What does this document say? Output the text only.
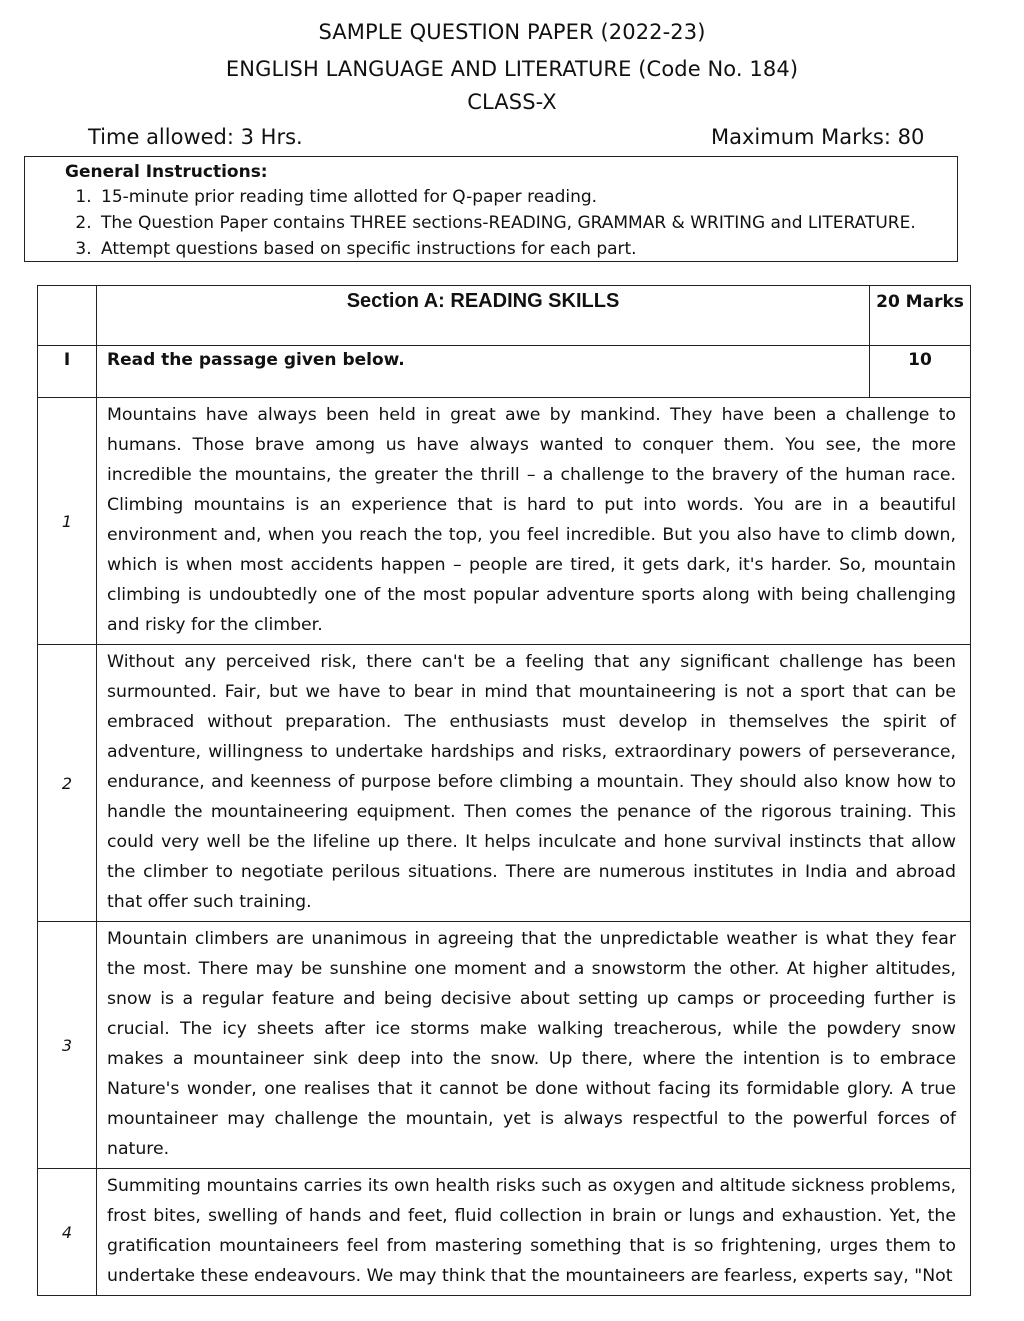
SAMPLE QUESTION PAPER (2022-23)
ENGLISH LANGUAGE AND LITERATURE (Code No. 184)
CLASS-X
Time allowed: 3 Hrs.	Maximum Marks: 80
General Instructions:
1. 15-minute prior reading time allotted for Q-paper reading.
2. The Question Paper contains THREE sections-READING, GRAMMAR & WRITING and LITERATURE.
3. Attempt questions based on specific instructions for each part.
	Section A: READING SKILLS	20 Marks
I	Read the passage given below.	10
1	Mountains have always been held in great awe by mankind. They have been a challenge to humans. Those brave among us have always wanted to conquer them. You see, the more incredible the mountains, the greater the thrill – a challenge to the bravery of the human race. Climbing mountains is an experience that is hard to put into words. You are in a beautiful environment and, when you reach the top, you feel incredible. But you also have to climb down, which is when most accidents happen – people are tired, it gets dark, it's harder. So, mountain climbing is undoubtedly one of the most popular adventure sports along with being challenging and risky for the climber.	
2	Without any perceived risk, there can't be a feeling that any significant challenge has been surmounted. Fair, but we have to bear in mind that mountaineering is not a sport that can be embraced without preparation. The enthusiasts must develop in themselves the spirit of adventure, willingness to undertake hardships and risks, extraordinary powers of perseverance, endurance, and keenness of purpose before climbing a mountain. They should also know how to handle the mountaineering equipment. Then comes the penance of the rigorous training. This could very well be the lifeline up there. It helps inculcate and hone survival instincts that allow the climber to negotiate perilous situations. There are numerous institutes in India and abroad that offer such training.	
3	Mountain climbers are unanimous in agreeing that the unpredictable weather is what they fear the most. There may be sunshine one moment and a snowstorm the other. At higher altitudes, snow is a regular feature and being decisive about setting up camps or proceeding further is crucial. The icy sheets after ice storms make walking treacherous, while the powdery snow makes a mountaineer sink deep into the snow. Up there, where the intention is to embrace Nature's wonder, one realises that it cannot be done without facing its formidable glory. A true mountaineer may challenge the mountain, yet is always respectful to the powerful forces of nature.	
4	Summiting mountains carries its own health risks such as oxygen and altitude sickness problems, frost bites, swelling of hands and feet, fluid collection in brain or lungs and exhaustion. Yet, the gratification mountaineers feel from mastering something that is so frightening, urges them to undertake these endeavours. We may think that the mountaineers are fearless, experts say, "Not	
